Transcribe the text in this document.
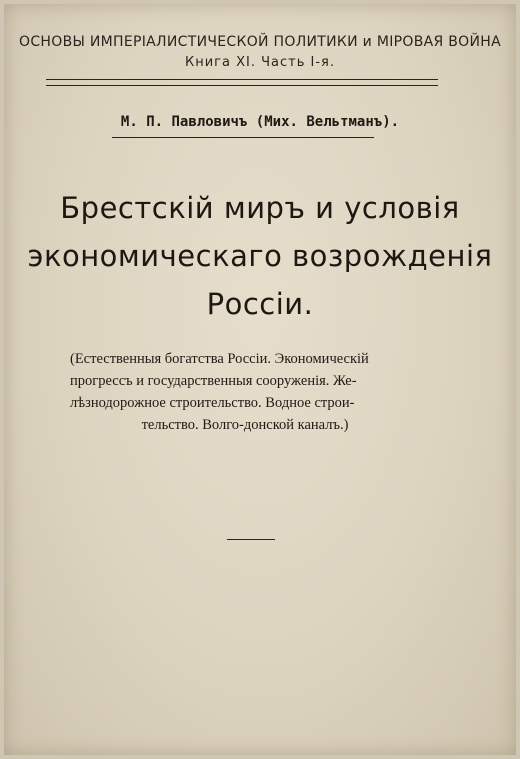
ОСНОВЫ ИМПЕРІАЛИСТИЧЕСКОЙ ПОЛИТИКИ и МІРОВАЯ ВОЙНА
Книга XI. Часть І-я.
М. П. Павловичъ (Мих. Вельтманъ).
Брестскій миръ и условія
экономическаго возрожденія
Россіи.
(Естественныя богатства Россіи. Экономическій
прогрессъ и государственныя сооруженія. Же-
лѣзнодорожное строительство. Водное строи-
тельство. Волго-донской каналъ.)
